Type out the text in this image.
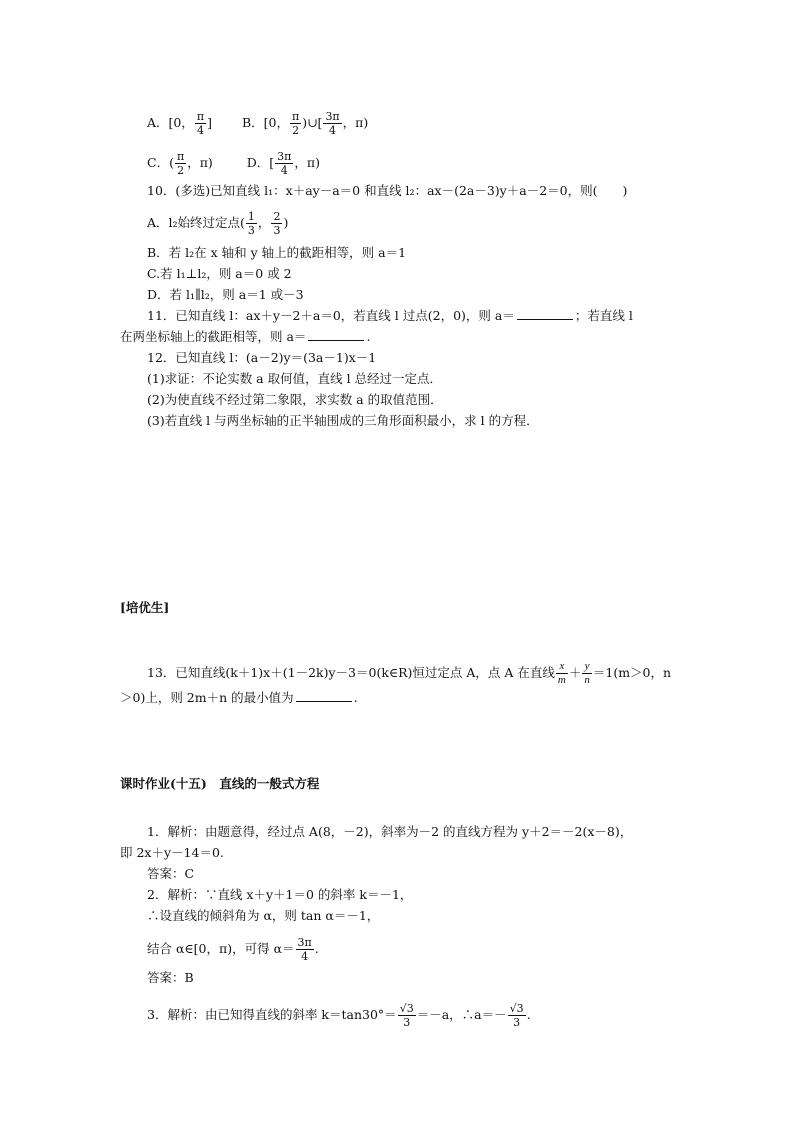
A．[0， $\frac{\pi}{4}$ ] B．[0， $\frac{\pi}{2}$ )∪[ $\frac{3\pi}{4}$ ，π)
C．( $\frac{\pi}{2}$ ，π)	D．[ $\frac{3\pi}{4}$ ，π)
10．(多选)已知直线 l₁：x＋ay－a＝0 和直线 l₂：ax－(2a－3)y＋a－2＝0，则(　　)
A．l₂始终过定点( $\frac{1}{3}$ ， $\frac{2}{3}$ )
B．若 l₂在 x 轴和 y 轴上的截距相等，则 a＝1
C.若 l₁⊥l₂，则 a＝0 或 2
D．若 l₁∥l₂，则 a＝1 或－3
11．已知直线 l：ax＋y－2＋a＝0，若直线 l 过点(2，0)，则 a＝	；若直线 l
在两坐标轴上的截距相等，则 a＝	.
12．已知直线 l：(a－2)y＝(3a－1)x－1
(1)求证：不论实数 a 取何值，直线 l 总经过一定点．
(2)为使直线不经过第二象限，求实数 a 的取值范围．
(3)若直线 l 与两坐标轴的正半轴围成的三角形面积最小，求 l 的方程．
[培优生]
13．已知直线(k＋1)x＋(1－2k)y－3＝0(k∈R)恒过定点 A，点 A 在直线 $\frac{x}{m} + \frac{y}{n} =1(m>0$，n
＞0)上，则 2m＋n 的最小值为	.
课时作业(十五)　直线的一般式方程
1．解析：由题意得，经过点 A(8，－2)，斜率为－2 的直线方程为 y＋2＝－2(x－8)，
即 2x＋y－14＝0.
答案：C
2．解析：∵直线 x＋y＋1＝0 的斜率 k＝－1，
∴设直线的倾斜角为 α，则 tan α＝－1，
结合 α∈[0，π)，可得 $\alpha= \frac{3\pi}{4}$ .
答案：B
3．解析：由已知得直线的斜率 $k=\tan 30^\circ= \frac{√3}{3} =-a$，∴a＝－ $\frac{√3}{3}$ .
